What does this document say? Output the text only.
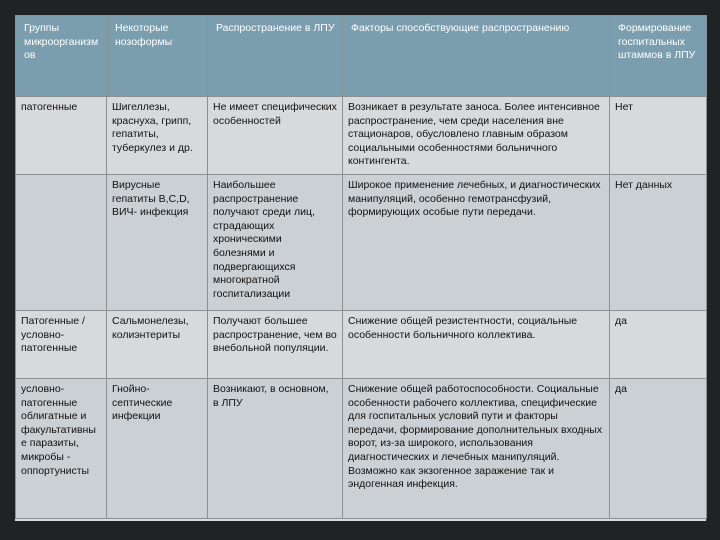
Группы микроорганизмов	Некоторые нозоформы	Распространение в ЛПУ	Факторы способствующие распространению	Формирование госпитальных штаммов в ЛПУ
патогенные	Шигеллезы, краснуха, грипп, гепатиты, туберкулез и др.	Не имеет специфических особенностей	Возникает в результате заноса. Более интенсивное распространение, чем среди населения вне стационаров, обусловлено главным образом социальными особенностями больничного контингента.	Нет
	Вирусные гепатиты В,С,D, ВИЧ- инфекция	Наибольшее распространение получают среди лиц, страдающих хроническими болезнями и подвергающихся многократной госпитализации	Широкое применение лечебных, и диагностических манипуляций, особенно гемотрансфузий, формирующих особые пути передачи.	Нет данных
Патогенные / условно-патогенные	Сальмонелезы, колиэнтериты	Получают большее распространение, чем во внебольной популяции.	Снижение общей резистентности, социальные особенности больничного коллектива.	да
условно-патогенные облигатные и факультативные паразиты, микробы - оппортунисты	Гнойно-септические инфекции	Возникают, в основном, в ЛПУ	Снижение общей работоспособности. Социальные особенности рабочего коллектива, специфические для госпитальных условий пути и факторы передачи, формирование дополнительных входных ворот, из-за широкого, использования диагностических и лечебных манипуляций. Возможно как экзогенное заражение так и эндогенная инфекция.	да
